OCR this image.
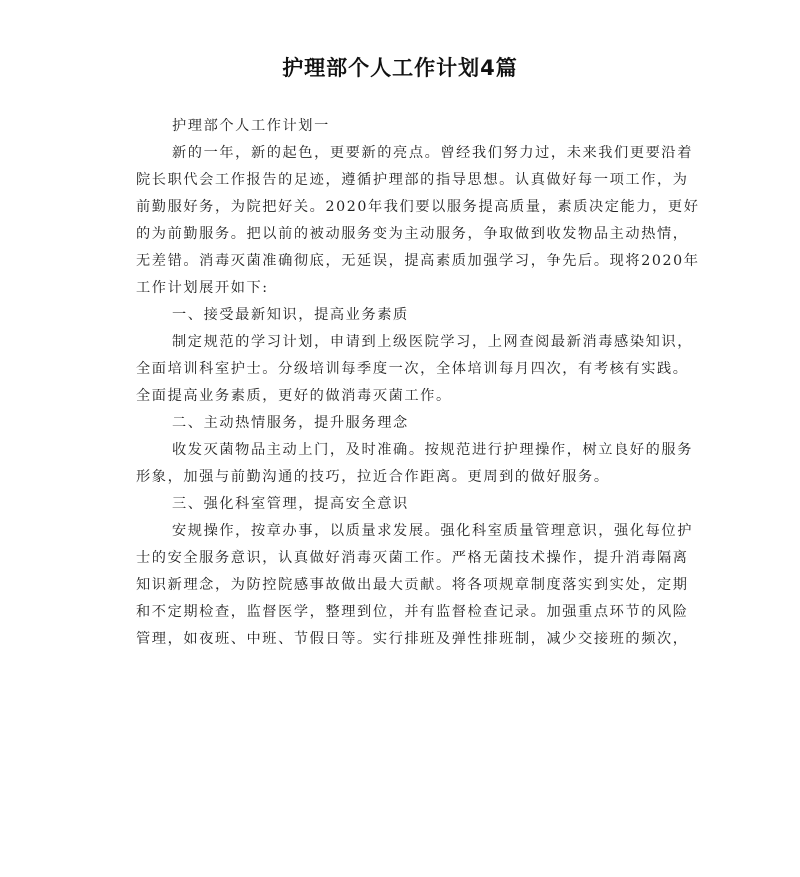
护理部个人工作计划4篇
护理部个人工作计划一
新的一年，新的起色，更要新的亮点。曾经我们努力过，未来我们更要沿着
院长职代会工作报告的足迹，遵循护理部的指导思想。认真做好每一项工作，为
前勤服好务，为院把好关。2020年我们要以服务提高质量，素质决定能力，更好
的为前勤服务。把以前的被动服务变为主动服务，争取做到收发物品主动热情，
无差错。消毒灭菌准确彻底，无延误，提高素质加强学习，争先后。现将2020年
工作计划展开如下:
一、接受最新知识，提高业务素质
制定规范的学习计划，申请到上级医院学习，上网查阅最新消毒感染知识，
全面培训科室护士。分级培训每季度一次，全体培训每月四次，有考核有实践。
全面提高业务素质，更好的做消毒灭菌工作。
二、主动热情服务，提升服务理念
收发灭菌物品主动上门，及时准确。按规范进行护理操作，树立良好的服务
形象，加强与前勤沟通的技巧，拉近合作距离。更周到的做好服务。
三、强化科室管理，提高安全意识
安规操作，按章办事，以质量求发展。强化科室质量管理意识，强化每位护
士的安全服务意识，认真做好消毒灭菌工作。严格无菌技术操作，提升消毒隔离
知识新理念，为防控院感事故做出最大贡献。将各项规章制度落实到实处，定期
和不定期检查，监督医学，整理到位，并有监督检查记录。加强重点环节的风险
管理，如夜班、中班、节假日等。实行排班及弹性排班制，减少交接班的频次，
